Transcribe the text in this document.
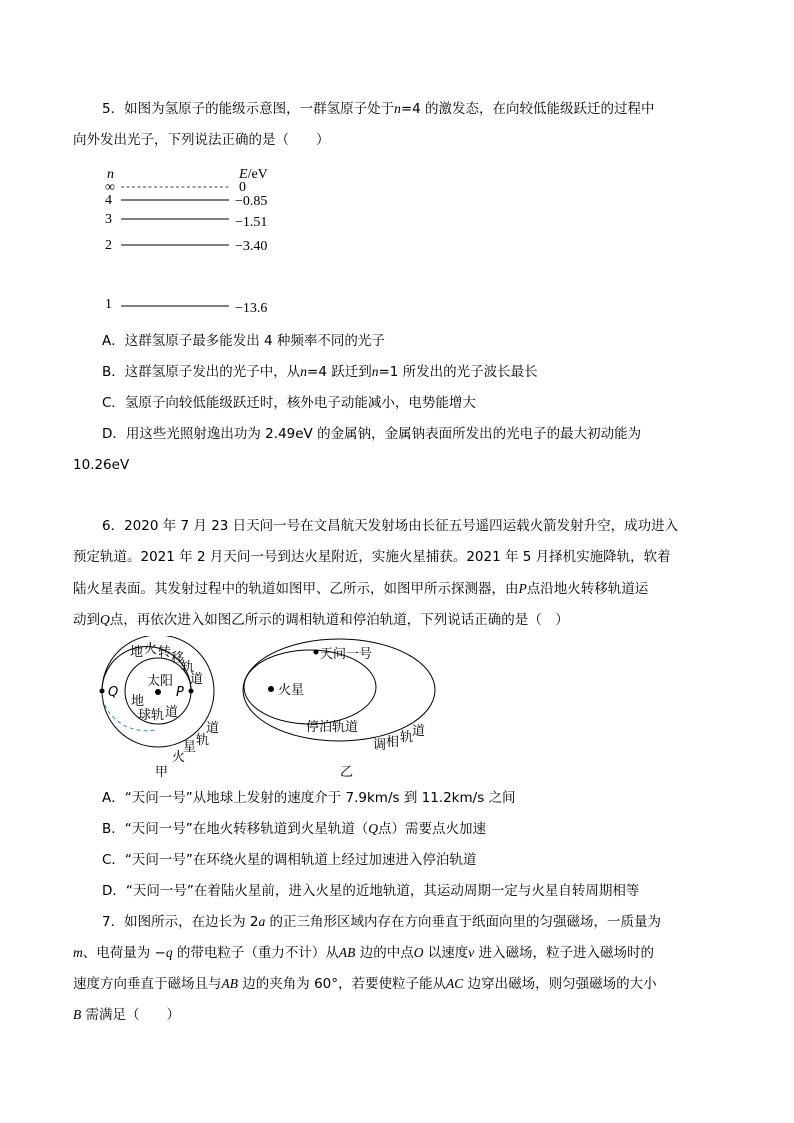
5．如图为氢原子的能级示意图，一群氢原子处于n=4 的激发态，在向较低能级跃迁的过程中
向外发出光子，下列说法正确的是（　　）
n	E/eV
∞	0
4	−0.85
3	−1.51
2	−3.40
1	−13.6
A．这群氢原子最多能发出 4 种频率不同的光子
B．这群氢原子发出的光子中，从n=4 跃迁到n=1 所发出的光子波长最长
C．氢原子向较低能级跃迁时，核外电子动能减小，电势能增大
D．用这些光照射逸出功为 2.49eV 的金属钠，金属钠表面所发出的光电子的最大初动能为
10.26eV
6．2020 年 7 月 23 日天问一号在文昌航天发射场由长征五号遥四运载火箭发射升空，成功进入
预定轨道。2021 年 2 月天问一号到达火星附近，实施火星捕获。2021 年 5 月择机实施降轨，软着
陆火星表面。其发射过程中的轨道如图甲、乙所示，如图甲所示探测器，由P点沿地火转移轨道运
动到Q点，再依次进入如图乙所示的调相轨道和停泊轨道，下列说话正确的是（　）
地 火 转 移
轨
道
太阳
Q	P
地
球 轨 道
火
星 轨
道
甲
天问一号
火星
停泊轨道
调 相 轨
道
乙
A．“天问一号”从地球上发射的速度介于 7.9km/s 到 11.2km/s 之间
B．“天问一号”在地火转移轨道到火星轨道（Q点）需要点火加速
C．“天问一号”在环绕火星的调相轨道上经过加速进入停泊轨道
D．“天问一号”在着陆火星前，进入火星的近地轨道，其运动周期一定与火星自转周期相等
7．如图所示，在边长为 2a 的正三角形区域内存在方向垂直于纸面向里的匀强磁场，一质量为
m、电荷量为 −q 的带电粒子（重力不计）从AB 边的中点O 以速度v 进入磁场，粒子进入磁场时的
速度方向垂直于磁场且与AB 边的夹角为 60°，若要使粒子能从AC 边穿出磁场，则匀强磁场的大小
B 需满足（　　）
